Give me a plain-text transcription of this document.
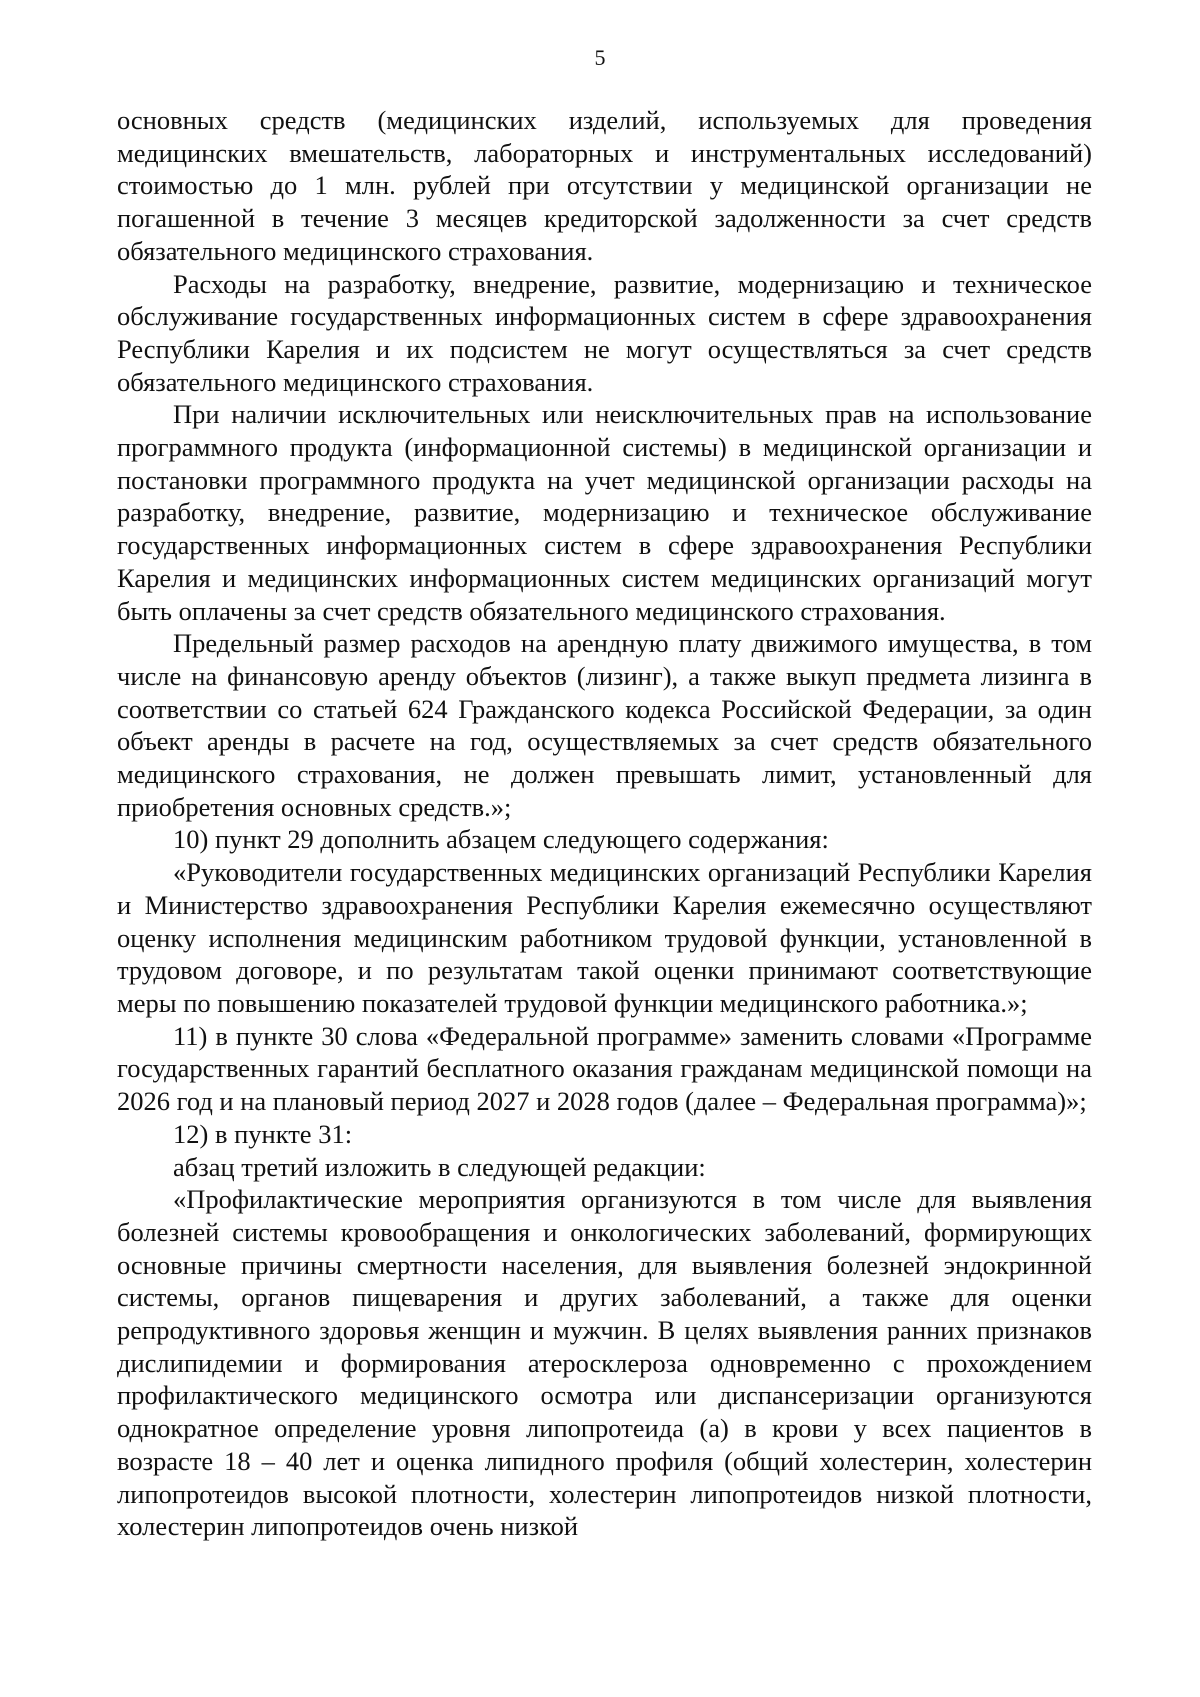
5

основных средств (медицинских изделий, используемых для проведения медицинских вмешательств, лабораторных и инструментальных исследований) стоимостью до 1 млн. рублей при отсутствии у медицинской организации не погашенной в течение 3 месяцев кредиторской задолженности за счет средств обязательного медицинского страхования.

Расходы на разработку, внедрение, развитие, модернизацию и техническое обслуживание государственных информационных систем в сфере здравоохранения Республики Карелия и их подсистем не могут осуществляться за счет средств обязательного медицинского страхования.

При наличии исключительных или неисключительных прав на использование программного продукта (информационной системы) в медицинской организации и постановки программного продукта на учет медицинской организации расходы на разработку, внедрение, развитие, модернизацию и техническое обслуживание государственных информационных систем в сфере здравоохранения Республики Карелия и медицинских информационных систем медицинских организаций могут быть оплачены за счет средств обязательного медицинского страхования.

Предельный размер расходов на арендную плату движимого имущества, в том числе на финансовую аренду объектов (лизинг), а также выкуп предмета лизинга в соответствии со статьей 624 Гражданского кодекса Российской Федерации, за один объект аренды в расчете на год, осуществляемых за счет средств обязательного медицинского страхования, не должен превышать лимит, установленный для приобретения основных средств.»;

10) пункт 29 дополнить абзацем следующего содержания:

«Руководители государственных медицинских организаций Республики Карелия и Министерство здравоохранения Республики Карелия ежемесячно осуществляют оценку исполнения медицинским работником трудовой функции, установленной в трудовом договоре, и по результатам такой оценки принимают соответствующие меры по повышению показателей трудовой функции медицинского работника.»;

11) в пункте 30 слова «Федеральной программе» заменить словами «Программе государственных гарантий бесплатного оказания гражданам медицинской помощи на 2026 год и на плановый период 2027 и 2028 годов (далее – Федеральная программа)»;

12) в пункте 31:

абзац третий изложить в следующей редакции:

«Профилактические мероприятия организуются в том числе для выявления болезней системы кровообращения и онкологических заболеваний, формирующих основные причины смертности населения, для выявления болезней эндокринной системы, органов пищеварения и других заболеваний, а также для оценки репродуктивного здоровья женщин и мужчин. В целях выявления ранних признаков дислипидемии и формирования атеросклероза одновременно с прохождением профилактического медицинского осмотра или диспансеризации организуются однократное определение уровня липопротеида (а) в крови у всех пациентов в возрасте 18 – 40 лет и оценка липидного профиля (общий холестерин, холестерин липопротеидов высокой плотности, холестерин липопротеидов низкой плотности, холестерин липопротеидов очень низкой
